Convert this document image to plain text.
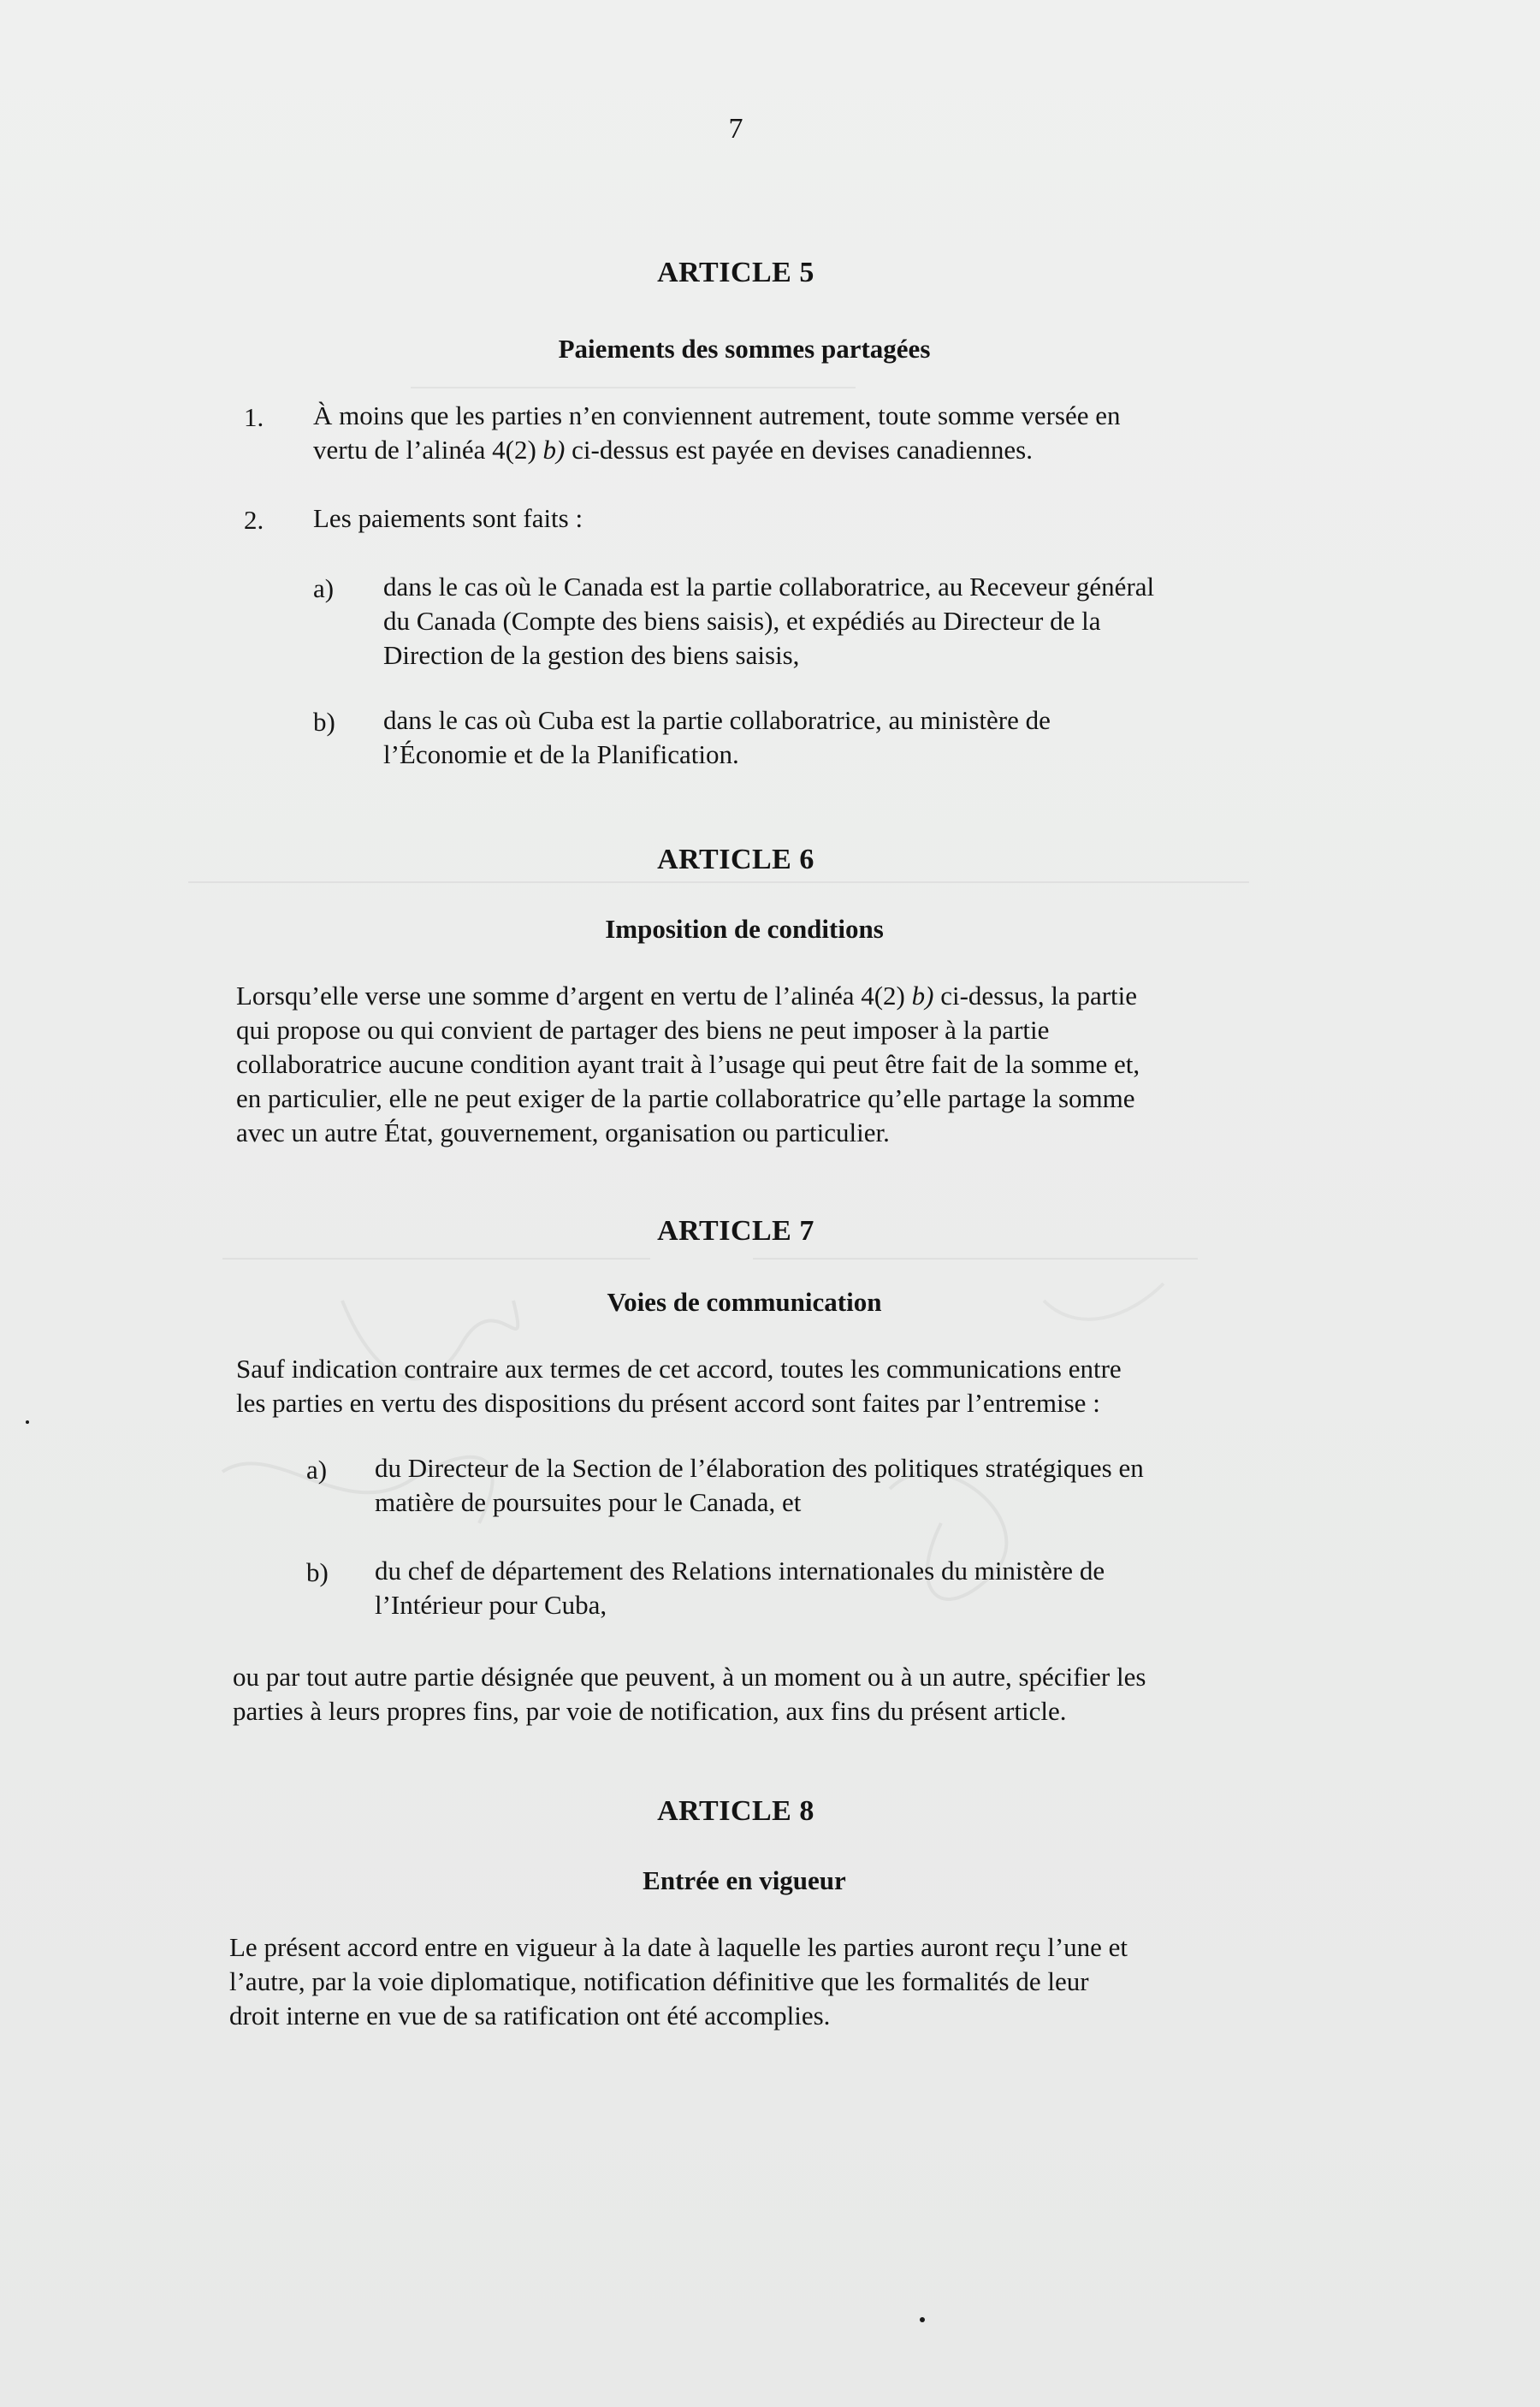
7
ARTICLE 5
Paiements des sommes partagées
1. À moins que les parties n’en conviennent autrement, toute somme versée en
vertu de l’alinéa 4(2) b) ci-dessus est payée en devises canadiennes.
2. Les paiements sont faits :
a) dans le cas où le Canada est la partie collaboratrice, au Receveur général
du Canada (Compte des biens saisis), et expédiés au Directeur de la
Direction de la gestion des biens saisis,
b) dans le cas où Cuba est la partie collaboratrice, au ministère de
l’Économie et de la Planification.
ARTICLE 6
Imposition de conditions
Lorsqu’elle verse une somme d’argent en vertu de l’alinéa 4(2) b) ci-dessus, la partie
qui propose ou qui convient de partager des biens ne peut imposer à la partie
collaboratrice aucune condition ayant trait à l’usage qui peut être fait de la somme et,
en particulier, elle ne peut exiger de la partie collaboratrice qu’elle partage la somme
avec un autre État, gouvernement, organisation ou particulier.
ARTICLE 7
Voies de communication
Sauf indication contraire aux termes de cet accord, toutes les communications entre
les parties en vertu des dispositions du présent accord sont faites par l’entremise :
a) du Directeur de la Section de l’élaboration des politiques stratégiques en
matière de poursuites pour le Canada, et
b) du chef de département des Relations internationales du ministère de
l’Intérieur pour Cuba,
ou par tout autre partie désignée que peuvent, à un moment ou à un autre, spécifier les
parties à leurs propres fins, par voie de notification, aux fins du présent article.
ARTICLE 8
Entrée en vigueur
Le présent accord entre en vigueur à la date à laquelle les parties auront reçu l’une et
l’autre, par la voie diplomatique, notification définitive que les formalités de leur
droit interne en vue de sa ratification ont été accomplies.
